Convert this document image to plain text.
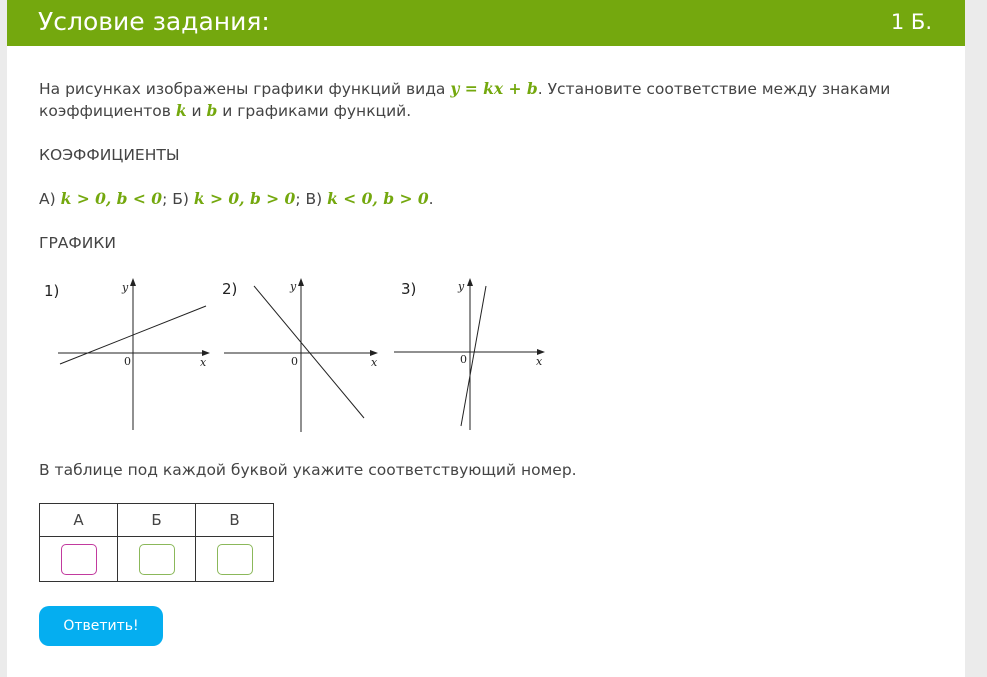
Условие задания:	1 Б.
На рисунках изображены графики функций вида y = kx + b. Установите соответствие между знаками
коэффициентов k и b и графиками функций.
КОЭФФИЦИЕНТЫ
А) k > 0, b < 0; Б) k > 0, b > 0; В) k < 0, b > 0.
ГРАФИКИ
1)
0	x
y	2)
0	x
y	3)
0	x
y
В таблице под каждой буквой укажите соответствующий номер.
А	Б	В

Ответить!
